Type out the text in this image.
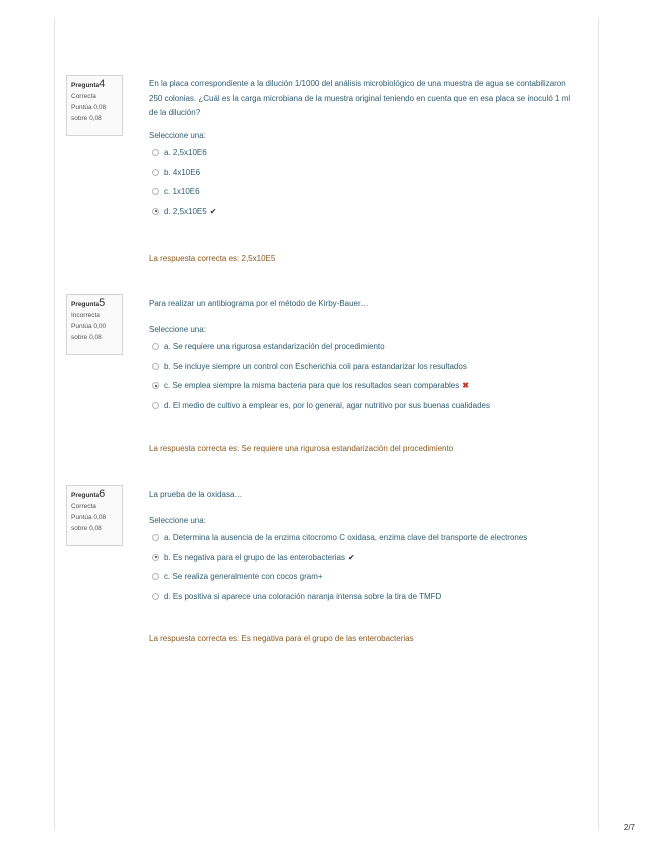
Pregunta4
Correcta
Puntúa 0,08
sobre 0,08

En la placa correspondiente a la dilución 1/1000 del análisis microbiológico de una muestra de agua se contabilizaron 250 colonias. ¿Cuál es la carga microbiana de la muestra original teniendo en cuenta que en esa placa se inoculó 1 ml de la dilución?

Seleccione una:
a. 2,5x10E6
b. 4x10E6
c. 1x10E6
d. 2,5x10E5 ✔
La respuesta correcta es: 2,5x10E5
Pregunta5
Incorrecta
Puntúa 0,00
sobre 0,08

Para realizar un antibiograma por el método de Kirby-Bauer…

Seleccione una:
a. Se requiere una rigurosa estandarización del procedimiento
b. Se incluye siempre un control con Escherichia coli para estandarizar los resultados
c. Se emplea siempre la misma bacteria para que los resultados sean comparables ✖
d. El medio de cultivo a emplear es, por lo general, agar nutritivo por sus buenas cualidades
La respuesta correcta es: Se requiere una rigurosa estandarización del procedimiento
Pregunta6
Correcta
Puntúa 0,08
sobre 0,08

La prueba de la oxidasa…

Seleccione una:
a. Determina la ausencia de la enzima citocromo C oxidasa, enzima clave del transporte de electrones
b. Es negativa para el grupo de las enterobacterias ✔
c. Se realiza generalmente con cocos gram+
d. Es positiva si aparece una coloración naranja intensa sobre la tira de TMFD
La respuesta correcta es: Es negativa para el grupo de las enterobacterias
2/7
